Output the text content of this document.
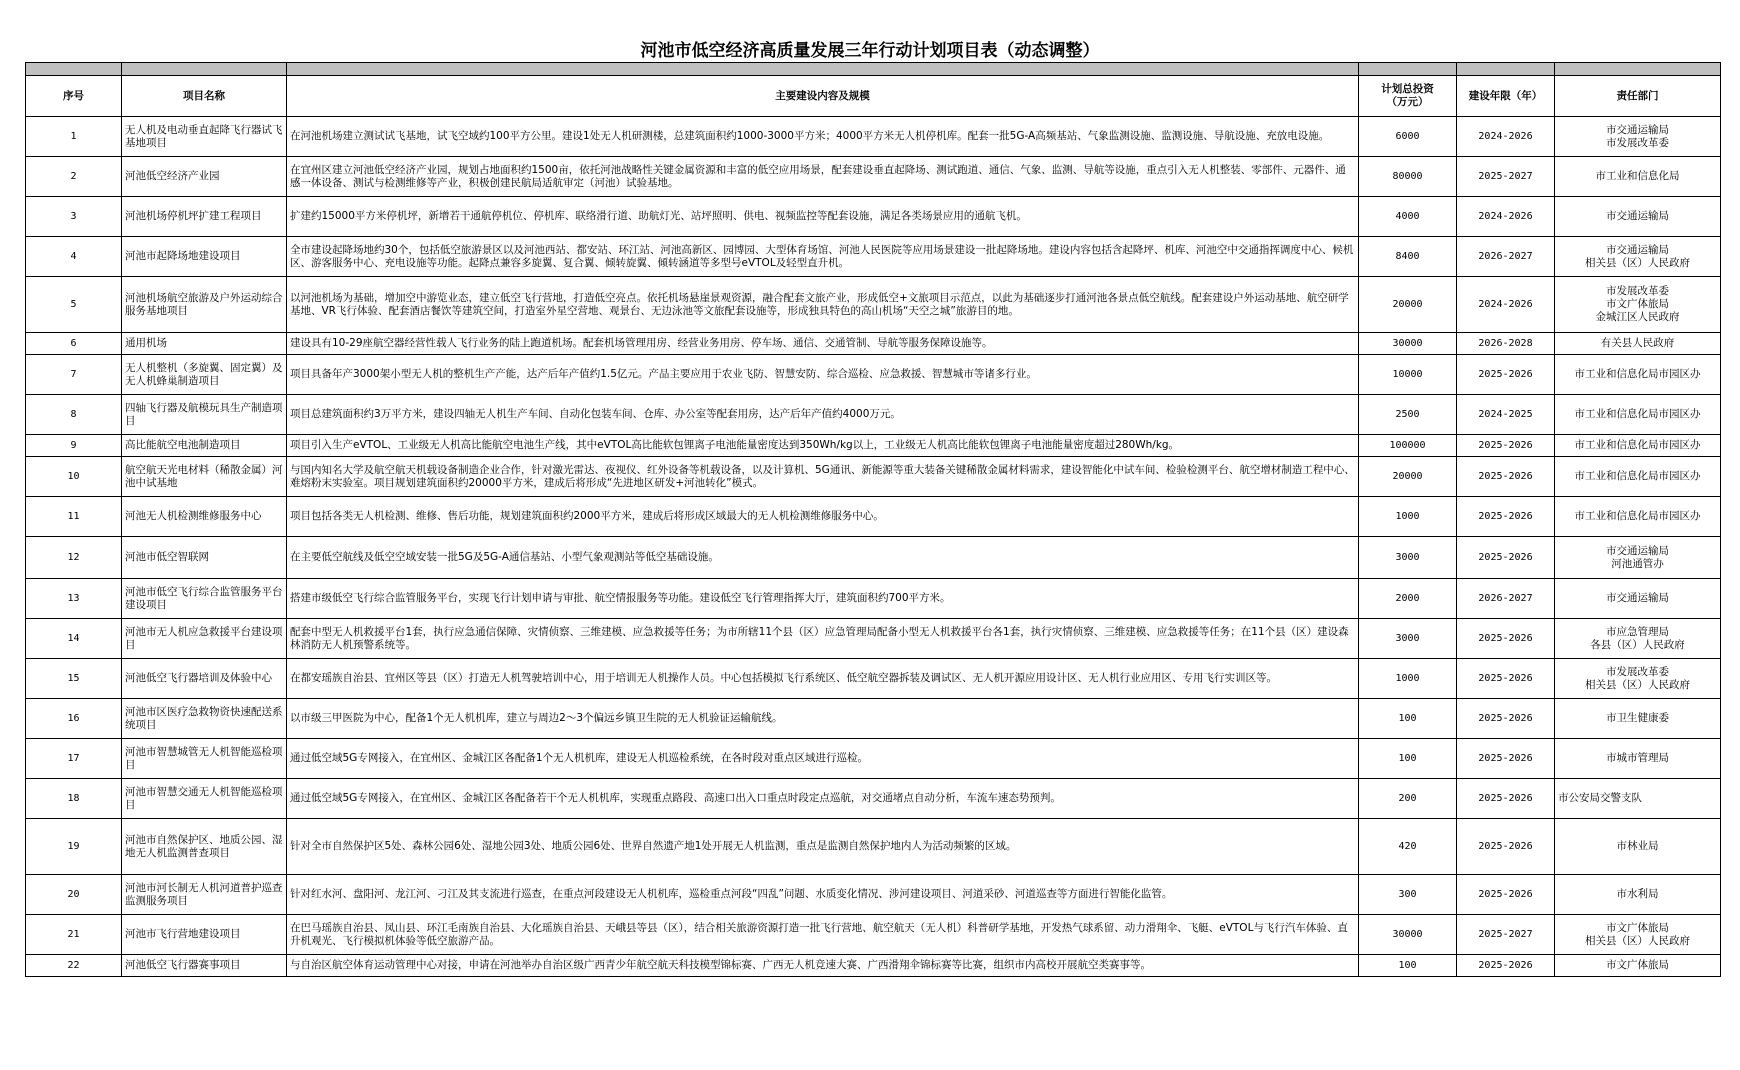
河池市低空经济高质量发展三年行动计划项目表（动态调整）

序号	项目名称	主要建设内容及规模	计划总投资
（万元）	建设年限（年）	责任部门
1	无人机及电动垂直起降飞行器试飞基地项目	在河池机场建立测试试飞基地，试飞空域约100平方公里。建设1处无人机研测楼，总建筑面积约1000-3000平方米；4000平方米无人机停机库。配套一批5G-A高频基站、气象监测设施、监测设施、导航设施、充放电设施。	6000	2024-2026	市交通运输局
市发展改革委

2	河池低空经济产业园	在宜州区建立河池低空经济产业园，规划占地面积约1500亩，依托河池战略性关键金属资源和丰富的低空应用场景，配套建设垂直起降场、测试跑道、通信、气象、监测、导航等设施，重点引入无人机整装、零部件、元器件、通感一体设备、测试与检测维修等产业，积极创建民航局适航审定（河池）试验基地。	80000	2025-2027	市工业和信息化局

3	河池机场停机坪扩建工程项目	扩建约15000平方米停机坪，新增若干通航停机位、停机库、联络滑行道、助航灯光、站坪照明、供电、视频监控等配套设施，满足各类场景应用的通航飞机。	4000	2024-2026	市交通运输局

4	河池市起降场地建设项目	全市建设起降场地约30个，包括低空旅游景区以及河池西站、都安站、环江站、河池高新区、园博园、大型体育场馆、河池人民医院等应用场景建设一批起降场地。建设内容包括含起降坪、机库、河池空中交通指挥调度中心、候机区、游客服务中心、充电设施等功能。起降点兼容多旋翼、复合翼、倾转旋翼、倾转涵道等多型号eVTOL及轻型直升机。	8400	2026-2027	市交通运输局
相关县（区）人民政府

5	河池机场航空旅游及户外运动综合服务基地项目	以河池机场为基础，增加空中游览业态，建立低空飞行营地，打造低空亮点。依托机场悬崖景观资源，融合配套文旅产业，形成低空+文旅项目示范点，以此为基础逐步打通河池各景点低空航线。配套建设户外运动基地、航空研学基地、VR飞行体验、配套酒店餐饮等建筑空间，打造室外星空营地、观景台、无边泳池等文旅配套设施等，形成独具特色的高山机场“天空之城”旅游目的地。	20000	2024-2026	市发展改革委
市文广体旅局
金城江区人民政府

6	通用机场	建设具有10-29座航空器经营性载人飞行业务的陆上跑道机场。配套机场管理用房、经营业务用房、停车场、通信、交通管制、导航等服务保障设施等。	30000	2026-2028	有关县人民政府

7	无人机整机（多旋翼、固定翼）及无人机蜂巢制造项目	项目具备年产3000架小型无人机的整机生产产能，达产后年产值约1.5亿元。产品主要应用于农业飞防、智慧安防、综合巡检、应急救援、智慧城市等诸多行业。	10000	2025-2026	市工业和信息化局市园区办

8	四轴飞行器及航模玩具生产制造项目	项目总建筑面积约3万平方米，建设四轴无人机生产车间、自动化包装车间、仓库、办公室等配套用房，达产后年产值约4000万元。	2500	2024-2025	市工业和信息化局市园区办

9	高比能航空电池制造项目	项目引入生产eVTOL、工业级无人机高比能航空电池生产线，其中eVTOL高比能软包锂离子电池能量密度达到350Wh/kg以上，工业级无人机高比能软包锂离子电池能量密度超过280Wh/kg。	100000	2025-2026	市工业和信息化局市园区办

10	航空航天光电材料（稀散金属）河池中试基地	与国内知名大学及航空航天机载设备制造企业合作，针对激光雷达、夜视仪、红外设备等机载设备，以及计算机、5G通讯、新能源等重大装备关键稀散金属材料需求，建设智能化中试车间、检验检测平台、航空增材制造工程中心、难熔粉末实验室。项目规划建筑面积约20000平方米，建成后将形成“先进地区研发+河池转化”模式。	20000	2025-2026	市工业和信息化局市园区办

11	河池无人机检测维修服务中心	项目包括各类无人机检测、维修、售后功能，规划建筑面积约2000平方米，建成后将形成区域最大的无人机检测维修服务中心。	1000	2025-2026	市工业和信息化局市园区办

12	河池市低空智联网	在主要低空航线及低空空域安装一批5G及5G-A通信基站、小型气象观测站等低空基础设施。	3000	2025-2026	市交通运输局
河池通管办

13	河池市低空飞行综合监管服务平台建设项目	搭建市级低空飞行综合监管服务平台，实现飞行计划申请与审批、航空情报服务等功能。建设低空飞行管理指挥大厅，建筑面积约700平方米。	2000	2026-2027	市交通运输局

14	河池市无人机应急救援平台建设项目	配套中型无人机救援平台1套，执行应急通信保障、灾情侦察、三维建模、应急救援等任务；为市所辖11个县（区）应急管理局配备小型无人机救援平台各1套，执行灾情侦察、三维建模、应急救援等任务；在11个县（区）建设森林消防无人机预警系统等。	3000	2025-2026	市应急管理局
各县（区）人民政府

15	河池低空飞行器培训及体验中心	在都安瑶族自治县、宜州区等县（区）打造无人机驾驶培训中心，用于培训无人机操作人员。中心包括模拟飞行系统区、低空航空器拆装及调试区、无人机开源应用设计区、无人机行业应用区、专用飞行实训区等。	1000	2025-2026	市发展改革委
相关县（区）人民政府

16	河池市区医疗急救物资快速配送系统项目	以市级三甲医院为中心，配备1个无人机机库，建立与周边2～3个偏远乡镇卫生院的无人机验证运输航线。	100	2025-2026	市卫生健康委

17	河池市智慧城管无人机智能巡检项目	通过低空域5G专网接入，在宜州区、金城江区各配备1个无人机机库，建设无人机巡检系统，在各时段对重点区域进行巡检。	100	2025-2026	市城市管理局

18	河池市智慧交通无人机智能巡检项目	通过低空域5G专网接入，在宜州区、金城江区各配备若干个无人机机库，实现重点路段、高速口出入口重点时段定点巡航，对交通堵点自动分析，车流车速态势预判。	200	2025-2026	市公安局交警支队

19	河池市自然保护区、地质公园、湿地无人机监测普查项目	针对全市自然保护区5处、森林公园6处、湿地公园3处、地质公园6处、世界自然遗产地1处开展无人机监测，重点是监测自然保护地内人为活动频繁的区域。	420	2025-2026	市林业局

20	河池市河长制无人机河道普护巡查监测服务项目	针对红水河、盘阳河、龙江河、刁江及其支流进行巡查，在重点河段建设无人机机库，巡检重点河段“四乱”问题、水质变化情况、涉河建设项目、河道采砂、河道巡查等方面进行智能化监管。	300	2025-2026	市水利局

21	河池市飞行营地建设项目	在巴马瑶族自治县、凤山县、环江毛南族自治县、大化瑶族自治县、天峨县等县（区），结合相关旅游资源打造一批飞行营地、航空航天（无人机）科普研学基地，开发热气球系留、动力滑翔伞、飞艇、eVTOL与飞行汽车体验、直升机观光、飞行模拟机体验等低空旅游产品。	30000	2025-2027	市文广体旅局
相关县（区）人民政府

22	河池低空飞行器赛事项目	与自治区航空体育运动管理中心对接，申请在河池举办自治区级广西青少年航空航天科技模型锦标赛、广西无人机竞速大赛、广西滑翔伞锦标赛等比赛，组织市内高校开展航空类赛事等。	100	2025-2026	市文广体旅局
